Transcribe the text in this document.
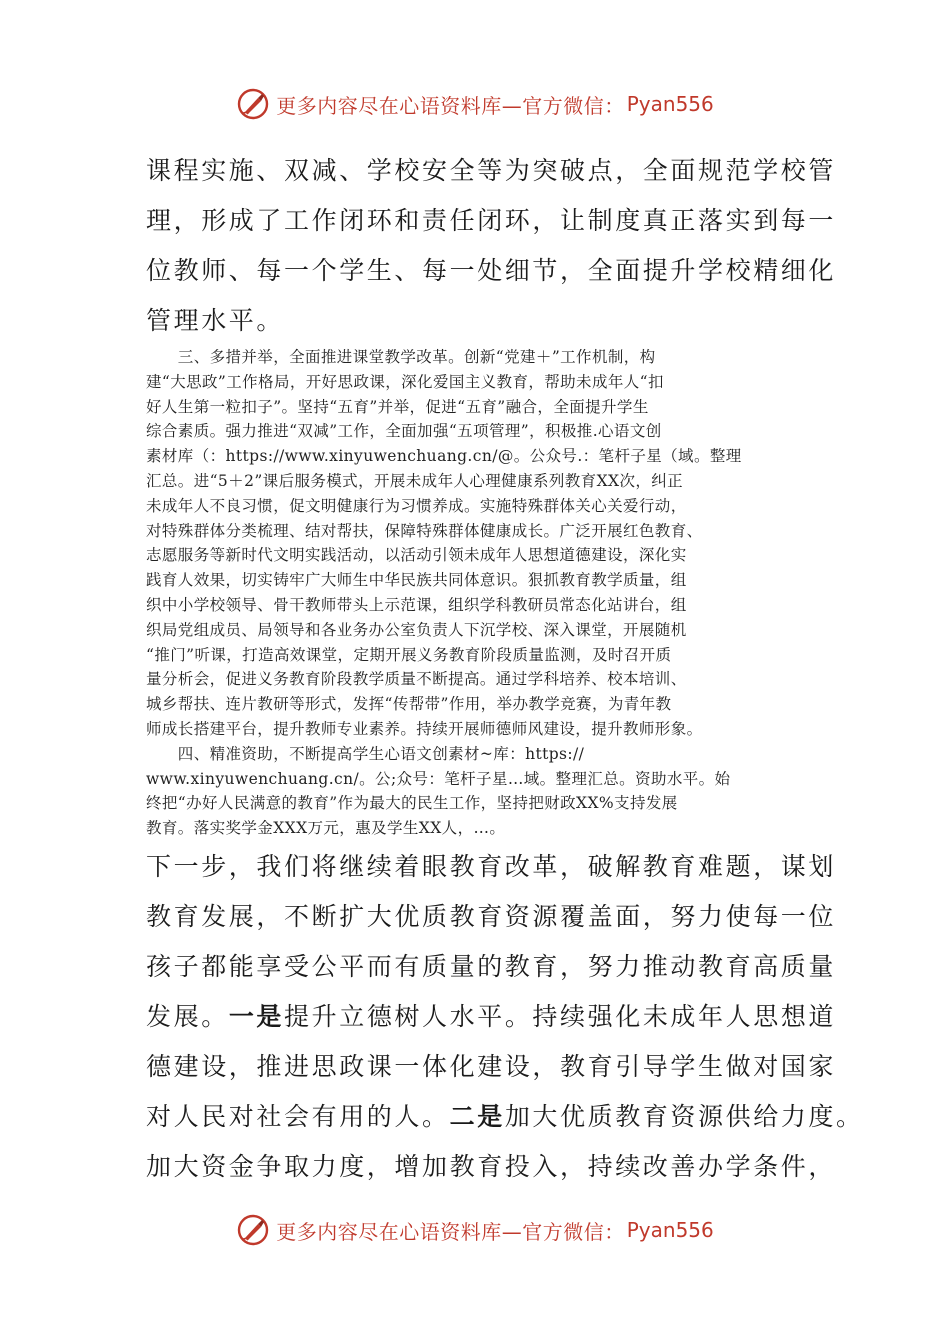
更多内容尽在心语资料库—官方微信： Pyan556
课程实施、双减、学校安全等为突破点，全面规范学校管
理，形成了工作闭环和责任闭环，让制度真正落实到每一
位教师、每一个学生、每一处细节，全面提升学校精细化
管理水平。
　　三、多措并举，全面推进课堂教学改革。创新“党建＋”工作机制，构
建“大思政”工作格局，开好思政课，深化爱国主义教育，帮助未成年人“扣
好人生第一粒扣子”。坚持“五育”并举，促进“五育”融合，全面提升学生
综合素质。强力推进“双减”工作，全面加强“五项管理”，积极推.心语文创
素材库（：https://www.xinyuwenchuang.cn/@。公众号.：笔杆子星（域。整理
汇总。进“5＋2”课后服务模式，开展未成年人心理健康系列教育XX次，纠正
未成年人不良习惯，促文明健康行为习惯养成。实施特殊群体关心关爱行动，
对特殊群体分类梳理、结对帮扶，保障特殊群体健康成长。广泛开展红色教育、
志愿服务等新时代文明实践活动，以活动引领未成年人思想道德建设，深化实
践育人效果，切实铸牢广大师生中华民族共同体意识。狠抓教育教学质量，组
织中小学校领导、骨干教师带头上示范课，组织学科教研员常态化站讲台，组
织局党组成员、局领导和各业务办公室负责人下沉学校、深入课堂，开展随机
“推门”听课，打造高效课堂，定期开展义务教育阶段质量监测，及时召开质
量分析会，促进义务教育阶段教学质量不断提高。通过学科培养、校本培训、
城乡帮扶、连片教研等形式，发挥“传帮带”作用，举办教学竞赛，为青年教
师成长搭建平台，提升教师专业素养。持续开展师德师风建设，提升教师形象。
　　四、精准资助，不断提高学生心语文创素材~库：https://
www.xinyuwenchuang.cn/。公;众号：笔杆子星…域。整理汇总。资助水平。始
终把“办好人民满意的教育”作为最大的民生工作，坚持把财政XX%支持发展
教育。落实奖学金XXX万元，惠及学生XX人，…。
下一步，我们将继续着眼教育改革，破解教育难题，谋划
教育发展，不断扩大优质教育资源覆盖面，努力使每一位
孩子都能享受公平而有质量的教育，努力推动教育高质量
发展。一是提升立德树人水平。持续强化未成年人思想道
德建设，推进思政课一体化建设，教育引导学生做对国家
对人民对社会有用的人。二是加大优质教育资源供给力度。
加大资金争取力度，增加教育投入，持续改善办学条件，
更多内容尽在心语资料库—官方微信： Pyan556
